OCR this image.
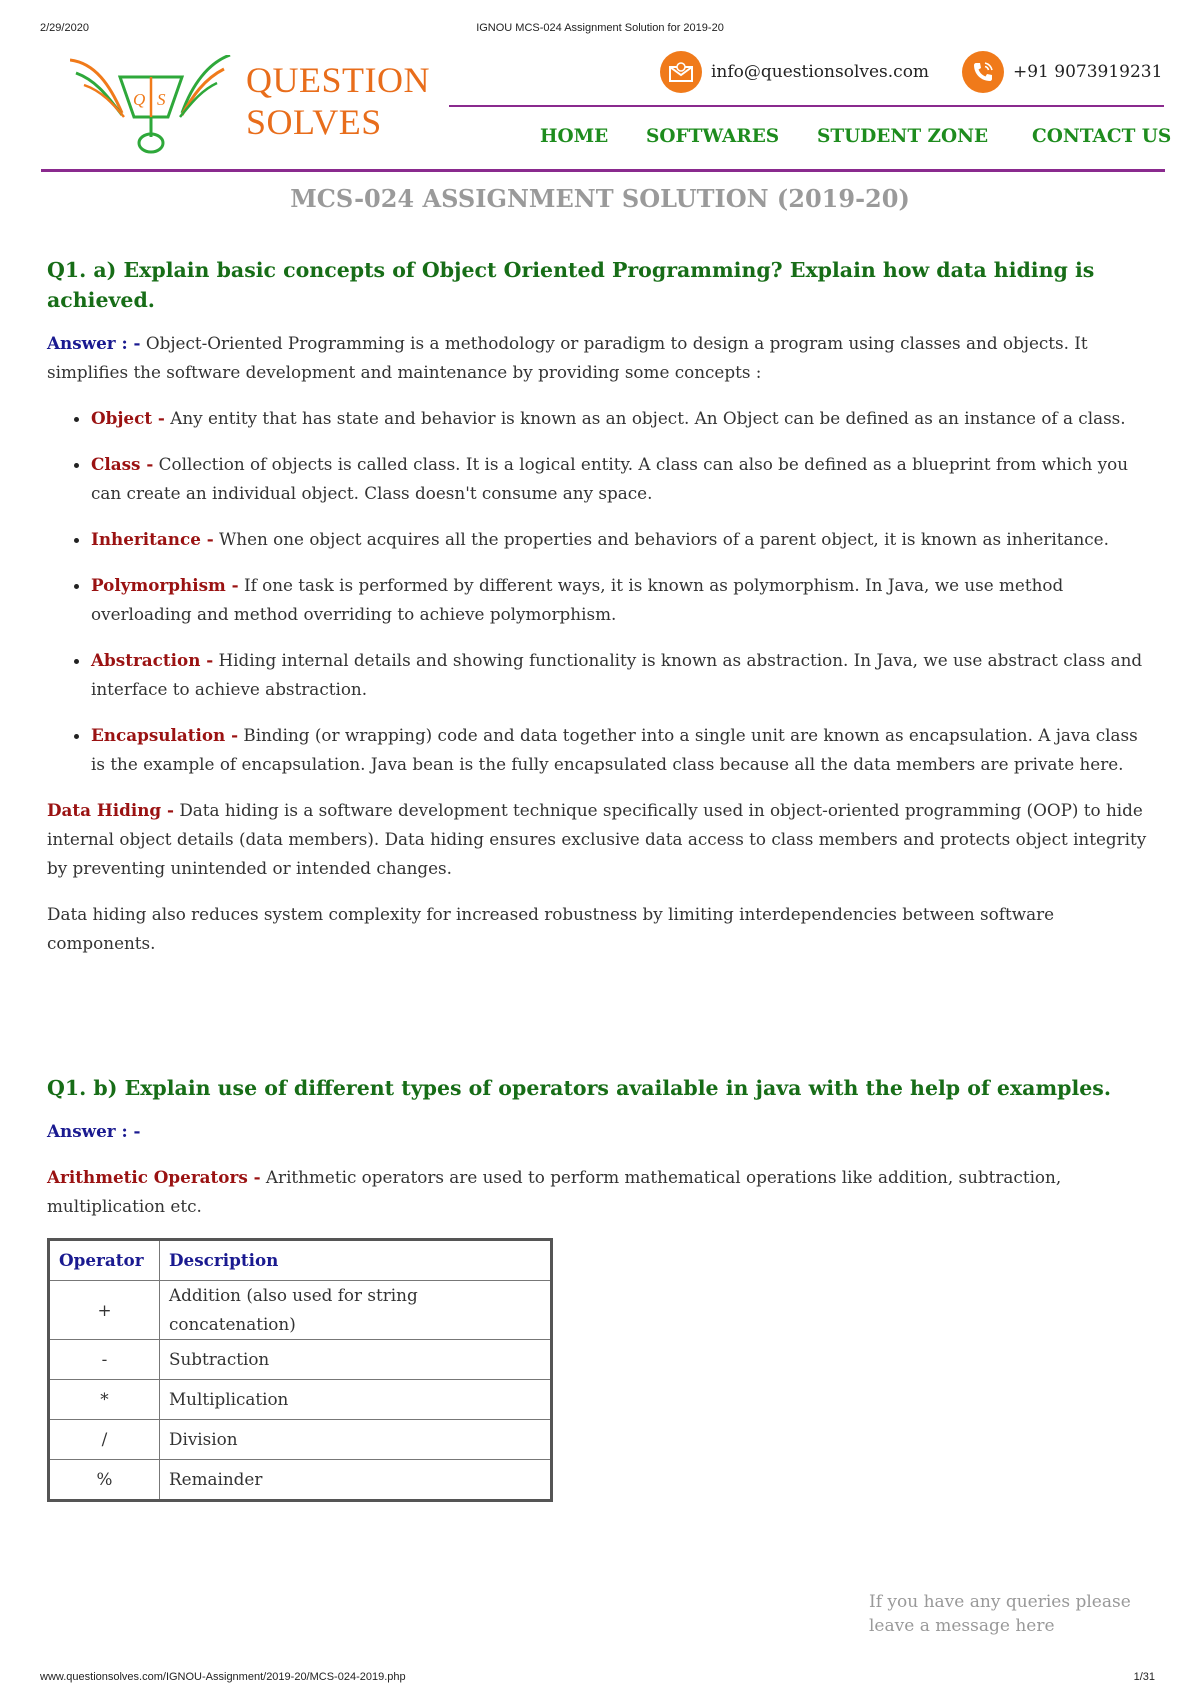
2/29/2020	IGNOU MCS-024 Assignment Solution for 2019-20
Q S QUESTION
SOLVES
info@questionsolves.com	+91 9073919231
HOME SOFTWARES STUDENT ZONE CONTACT US
MCS-024 ASSIGNMENT SOLUTION (2019-20)
Q1. a) Explain basic concepts of Object Oriented Programming? Explain how data hiding is achieved.

Answer : - Object-Oriented Programming is a methodology or paradigm to design a program using classes and objects. It simplifies the software development and maintenance by providing some concepts :

• Object - Any entity that has state and behavior is known as an object. An Object can be defined as an instance of a class.
• Class - Collection of objects is called class. It is a logical entity. A class can also be defined as a blueprint from which you can create an individual object. Class doesn't consume any space.
• Inheritance - When one object acquires all the properties and behaviors of a parent object, it is known as inheritance.
• Polymorphism - If one task is performed by different ways, it is known as polymorphism. In Java, we use method overloading and method overriding to achieve polymorphism.
• Abstraction - Hiding internal details and showing functionality is known as abstraction. In Java, we use abstract class and interface to achieve abstraction.
• Encapsulation - Binding (or wrapping) code and data together into a single unit are known as encapsulation. A java class is the example of encapsulation. Java bean is the fully encapsulated class because all the data members are private here.

Data Hiding - Data hiding is a software development technique specifically used in object-oriented programming (OOP) to hide internal object details (data members). Data hiding ensures exclusive data access to class members and protects object integrity by preventing unintended or intended changes.

Data hiding also reduces system complexity for increased robustness by limiting interdependencies between software components.

Q1. b) Explain use of different types of operators available in java with the help of examples.

Answer : -

Arithmetic Operators - Arithmetic operators are used to perform mathematical operations like addition, subtraction, multiplication etc.

Operator	Description
+	Addition (also used for string concatenation)
-	Subtraction
*	Multiplication
/	Division
%	Remainder
If you have any queries please leave a message here
www.questionsolves.com/IGNOU-Assignment/2019-20/MCS-024-2019.php	1/31
